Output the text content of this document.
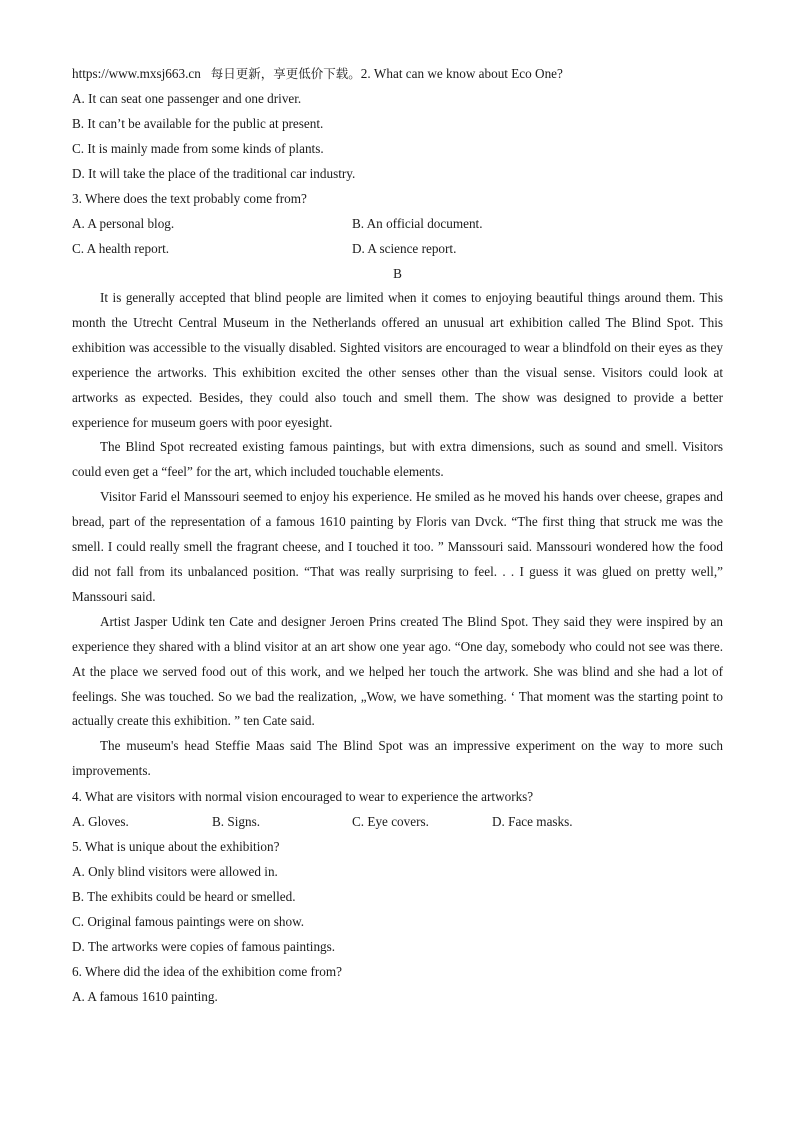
https://www.mxsj663.cn 每日更新，享更低价下载。2. What can we know about Eco One?
A. It can seat one passenger and one driver.
B. It can’t be available for the public at present.
C. It is mainly made from some kinds of plants.
D. It will take the place of the traditional car industry.
3. Where does the text probably come from?
A. A personal blog.	B. An official document.
C. A health report.	D. A science report.
B
It is generally accepted that blind people are limited when it comes to enjoying beautiful things around them. This month the Utrecht Central Museum in the Netherlands offered an unusual art exhibition called The Blind Spot. This exhibition was accessible to the visually disabled. Sighted visitors are encouraged to wear a blindfold on their eyes as they experience the artworks. This exhibition excited the other senses other than the visual sense. Visitors could look at artworks as expected. Besides, they could also touch and smell them. The show was designed to provide a better experience for museum goers with poor eyesight.
The Blind Spot recreated existing famous paintings, but with extra dimensions, such as sound and smell. Visitors could even get a “feel” for the art, which included touchable elements.
Visitor Farid el Manssouri seemed to enjoy his experience. He smiled as he moved his hands over cheese, grapes and bread, part of the representation of a famous 1610 painting by Floris van Dvck. “The first thing that struck me was the smell. I could really smell the fragrant cheese, and I touched it too. ” Manssouri said. Manssouri wondered how the food did not fall from its unbalanced position. “That was really surprising to feel. . . I guess it was glued on pretty well,” Manssouri said.
Artist Jasper Udink ten Cate and designer Jeroen Prins created The Blind Spot. They said they were inspired by an experience they shared with a blind visitor at an art show one year ago. “One day, somebody who could not see was there. At the place we served food out of this work, and we helped her touch the artwork. She was blind and she had a lot of feelings. She was touched. So we bad the realization, „Wow, we have something. ‘ That moment was the starting point to actually create this exhibition. ” ten Cate said.
The museum's head Steffie Maas said The Blind Spot was an impressive experiment on the way to more such improvements.
4. What are visitors with normal vision encouraged to wear to experience the artworks?
A. Gloves.	B. Signs.	C. Eye covers.	D. Face masks.
5. What is unique about the exhibition?
A. Only blind visitors were allowed in.
B. The exhibits could be heard or smelled.
C. Original famous paintings were on show.
D. The artworks were copies of famous paintings.
6. Where did the idea of the exhibition come from?
A. A famous 1610 painting.
